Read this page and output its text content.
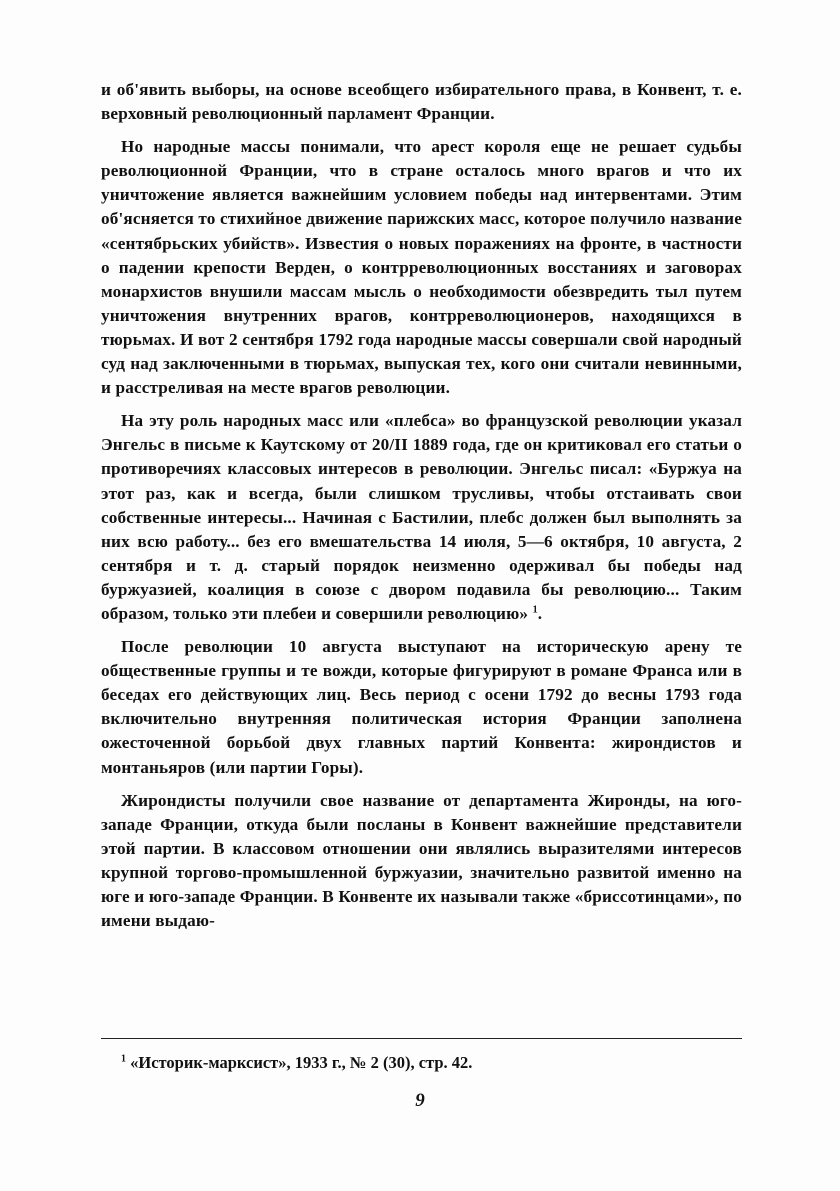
и об'явить выборы, на основе всеобщего избирательного права, в Конвент, т. е. верховный революционный парламент Франции.

Но народные массы понимали, что арест короля еще не решает судьбы революционной Франции, что в стране осталось много врагов и что их уничтожение является важнейшим условием победы над интервентами. Этим об'ясняется то стихийное движение парижских масс, которое получило название «сентябрьских убийств». Известия о новых поражениях на фронте, в частности о падении крепости Верден, о контрреволюционных восстаниях и заговорах монархистов внушили массам мысль о необходимости обезвредить тыл путем уничтожения внутренних врагов, контрреволюционеров, находящихся в тюрьмах. И вот 2 сентября 1792 года народные массы совершали свой народный суд над заключенными в тюрьмах, выпуская тех, кого они считали невинными, и расстреливая на месте врагов революции.

На эту роль народных масс или «плебса» во французской революции указал Энгельс в письме к Каутскому от 20/II 1889 года, где он критиковал его статьи о противоречиях классовых интересов в революции. Энгельс писал: «Буржуа на этот раз, как и всегда, были слишком трусливы, чтобы отстаивать свои собственные интересы... Начиная с Бастилии, плебс должен был выполнять за них всю работу... без его вмешательства 14 июля, 5—6 октября, 10 августа, 2 сентября и т. д. старый порядок неизменно одерживал бы победы над буржуазией, коалиция в союзе с двором подавила бы революцию... Таким образом, только эти плебеи и совершили революцию» $^1$.

После революции 10 августа выступают на историческую арену те общественные группы и те вожди, которые фигурируют в романе Франса или в беседах его действующих лиц. Весь период с осени 1792 до весны 1793 года включительно внутренняя политическая история Франции заполнена ожесточенной борьбой двух главных партий Конвента: жирондистов и монтаньяров (или партии Горы).

Жирондисты получили свое название от департамента Жиронды, на юго-западе Франции, откуда были посланы в Конвент важнейшие представители этой партии. В классовом отношении они являлись выразителями интересов крупной торгово-промышленной буржуазии, значительно развитой именно на юге и юго-западе Франции. В Конвенте их называли также «бриссотинцами», по имени выдаю-

$^1$ «Историк-марксист», 1933 г., № 2 (30), стр. 42.

9
